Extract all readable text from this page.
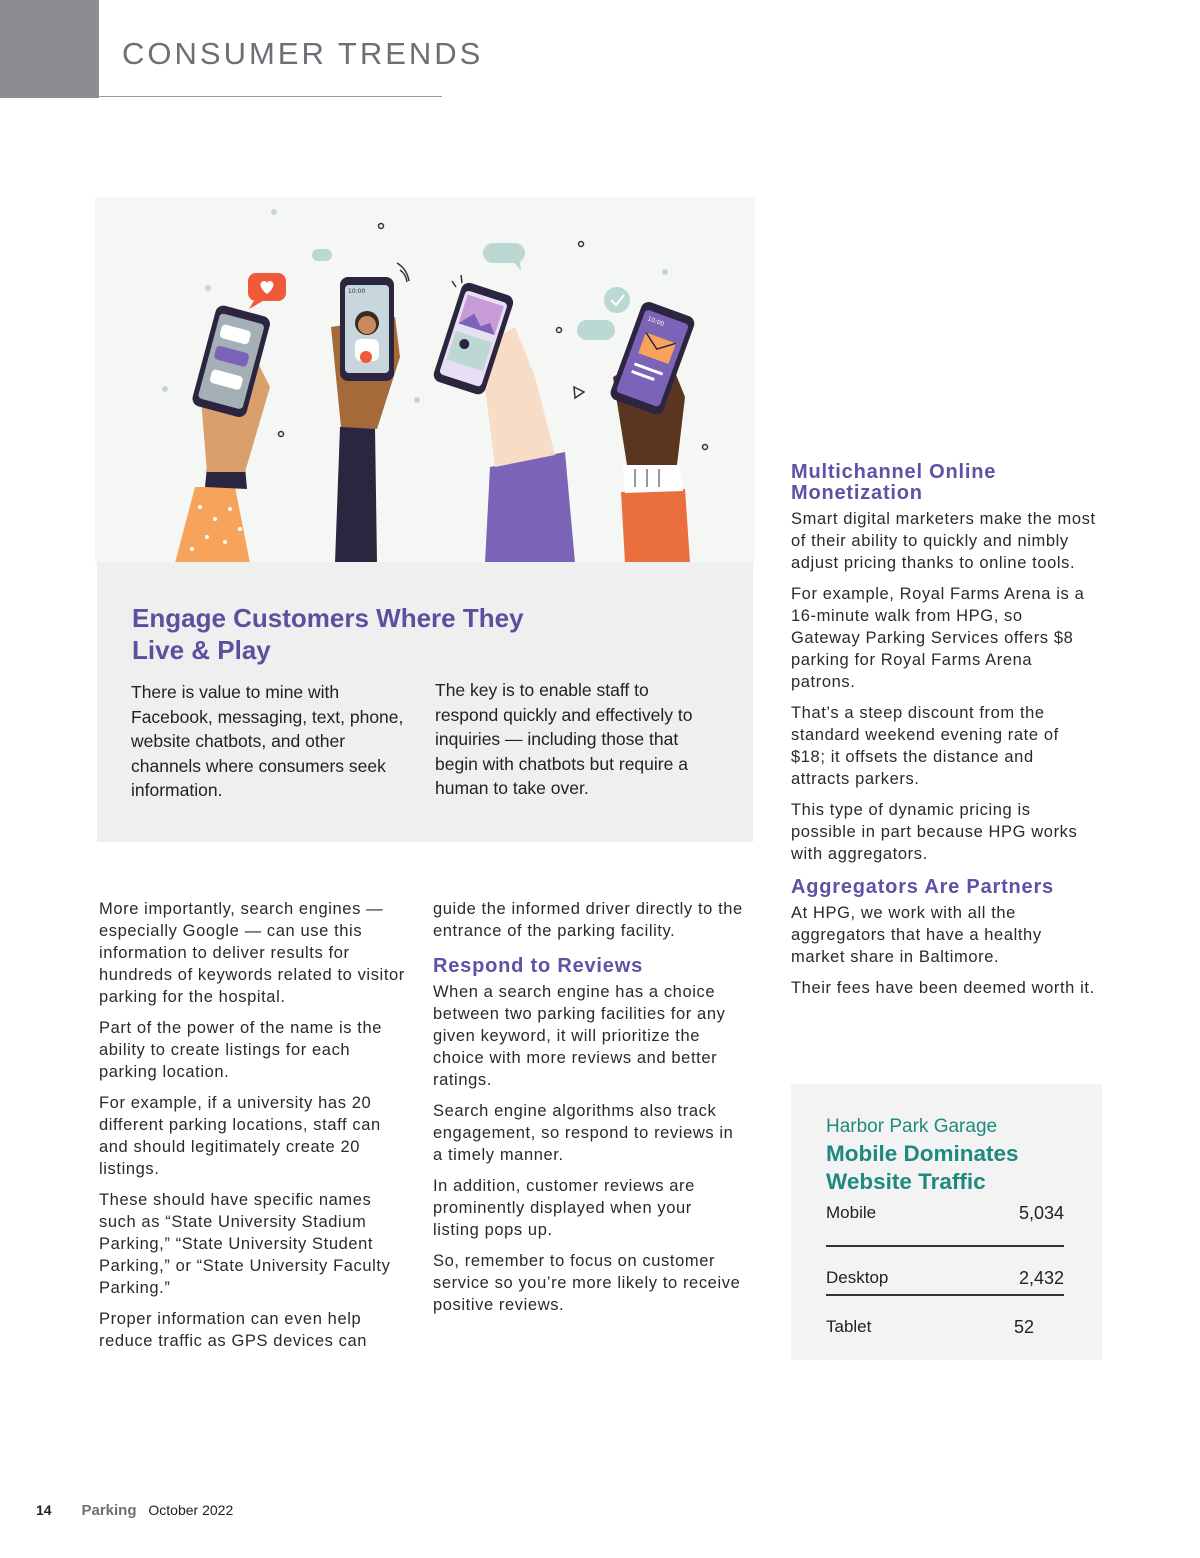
CONSUMER TRENDS
10:00
10:00
Engage Customers Where They Live & Play

There is value to mine with Facebook, messaging, text, phone, website chatbots, and other channels where consumers seek information.

The key is to enable staff to respond quickly and effectively to inquiries — including those that begin with chatbots but require a human to take over.

More importantly, search engines — especially Google — can use this information to deliver results for hundreds of keywords related to visitor parking for the hospital.

Part of the power of the name is the ability to create listings for each parking location.

For example, if a university has 20 different parking locations, staff can and should legitimately create 20 listings.

These should have specific names such as “State University Stadium Parking,” “State University Student Parking,” or “State University Faculty Parking.”

Proper information can even help reduce traffic as GPS devices can

guide the informed driver directly to the entrance of the parking facility.

Respond to Reviews

When a search engine has a choice between two parking facilities for any given keyword, it will prioritize the choice with more reviews and better ratings.

Search engine algorithms also track engagement, so respond to reviews in a timely manner.

In addition, customer reviews are prominently displayed when your listing pops up.

So, remember to focus on customer service so you’re more likely to receive positive reviews.

Multichannel Online Monetization

Smart digital marketers make the most of their ability to quickly and nimbly adjust pricing thanks to online tools.

For example, Royal Farms Arena is a 16-minute walk from HPG, so Gateway Parking Services offers $8 parking for Royal Farms Arena patrons.

That’s a steep discount from the standard weekend evening rate of $18; it offsets the distance and attracts parkers.

This type of dynamic pricing is possible in part because HPG works with aggregators.

Aggregators Are Partners

At HPG, we work with all the aggregators that have a healthy market share in Baltimore.

Their fees have been deemed worth it.

Harbor Park Garage
Mobile Dominates Website Traffic
Mobile	5,034
Desktop	2,432
Tablet	52
14 Parking October 2022
